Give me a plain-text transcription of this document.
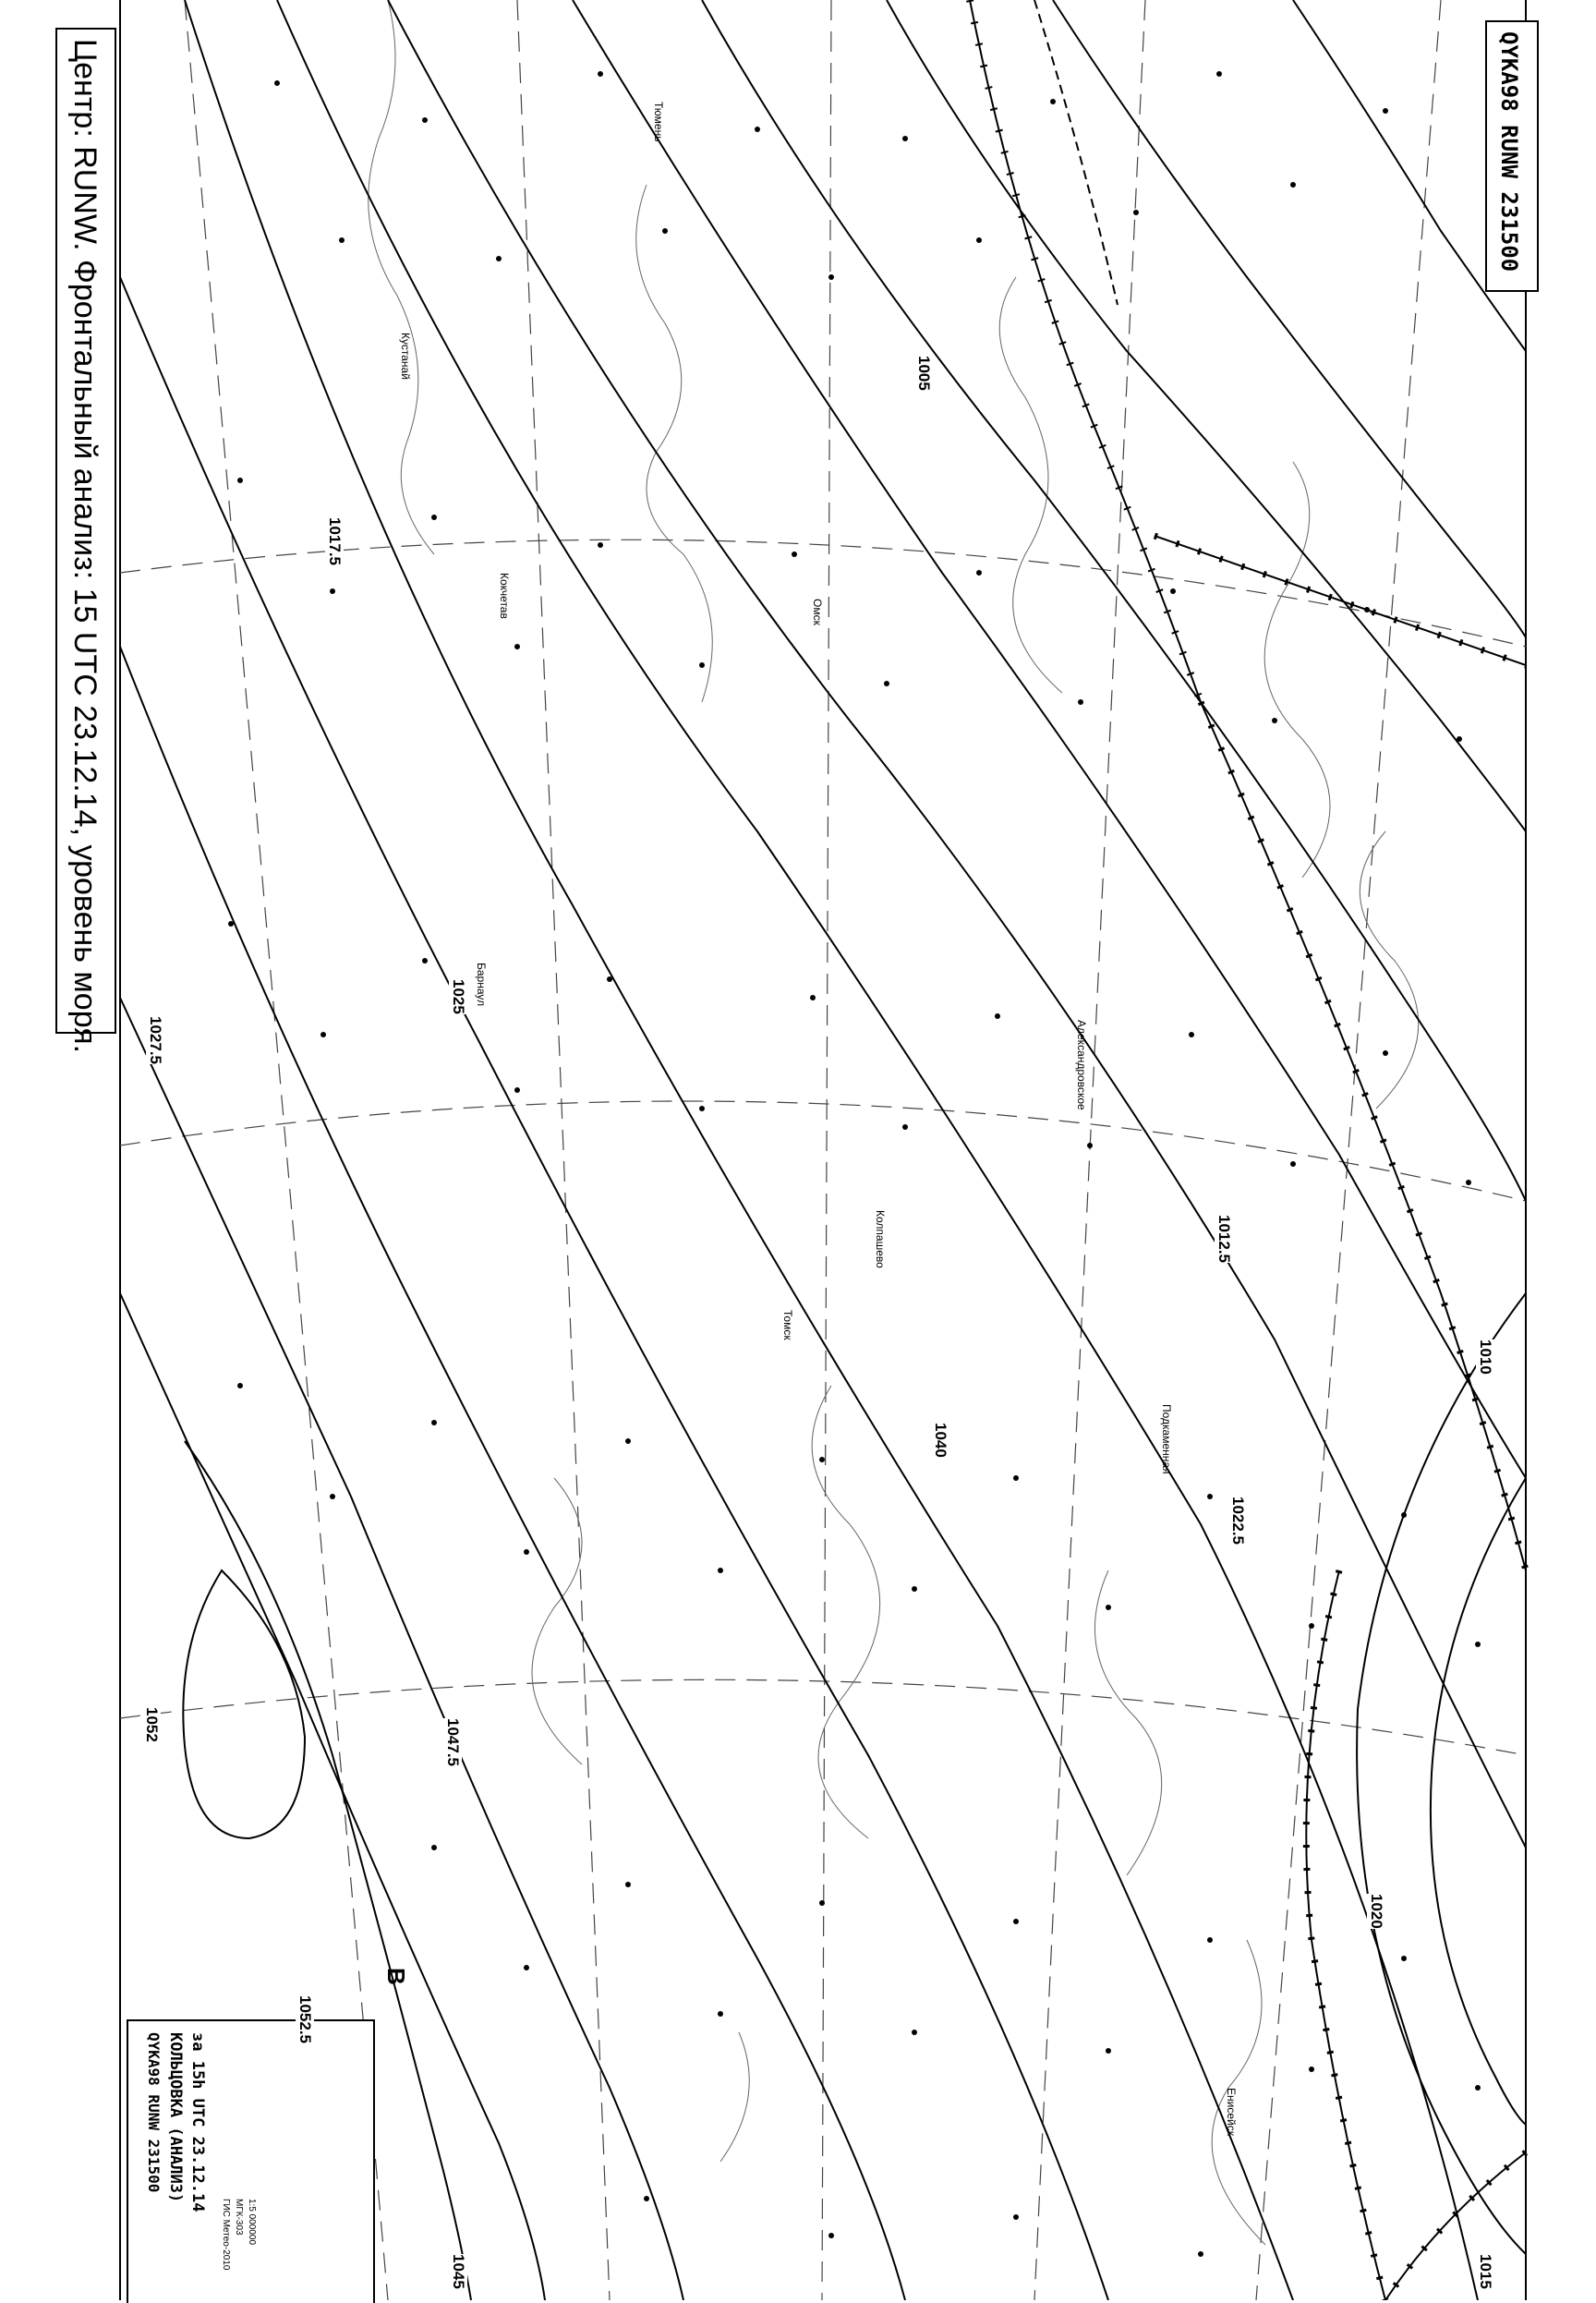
Центр: RUNW. Фронтальный анализ: 15 UTC 23.12.14, уровень моря.	QYKA98 RUNW 231500
QYKA98 RUNW 231500 КОЛЬЦОВКА (АНАЛИЗ) за 15h UTC 23.12.14
ГИС Метео-2010 МГК-303 1:5 000000
1005
1010
1012.5
1015
1017.5
1020
1022.5
1025
1027.5
1040
1045
1047.5
1052.5
1052
В
Томск
Омск
Кустанай
Кокчетав
Барнаул
Тюмень
Александровское
Подкаменная
Колпашево
Енисейск
